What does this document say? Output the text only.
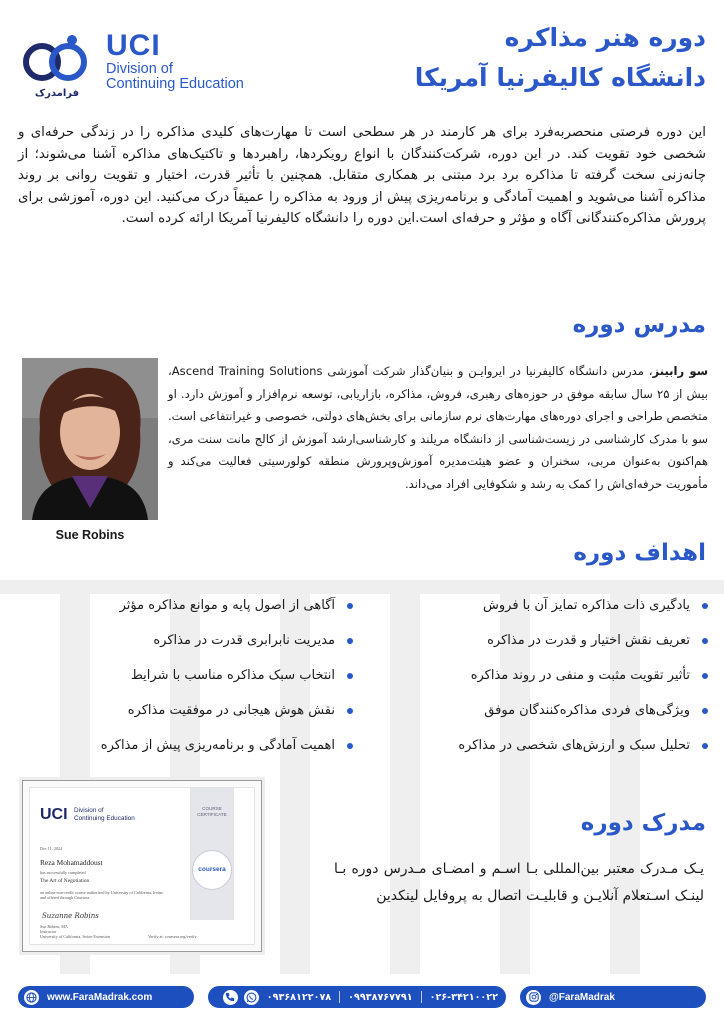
فرامدرک
UCI
Division of
Continuing Education
دوره هنر مذاکره
دانشگاه کالیفرنیا آمریکا

این دوره فرصتی منحصربه‌فرد برای هر کارمند در هر سطحی است تا مهارت‌های کلیدی مذاکره را در زندگی حرفه‌ای و شخصی خود تقویت کند. در این دوره، شرکت‌کنندگان با انواع رویکردها، راهبردها و تاکتیک‌های مذاکره آشنا می‌شوند؛ از چانه‌زنی سخت گرفته تا مذاکره برد برد مبتنی بر همکاری متقابل. همچنین با تأثیر قدرت، اختیار و تقویت روانی بر روند مذاکره آشنا می‌شوید و اهمیت آمادگی و برنامه‌ریزی پیش از ورود به مذاکره را عمیقاً درک می‌کنید. این دوره، آموزشی برای پرورش مذاکره‌کنندگانی آگاه و مؤثر و حرفه‌ای است.این دوره را دانشگاه کالیفرنیا آمریکا ارائه کرده است.

مدرس دوره
Sue Robins

سو رابینز، مدرس دانشگاه کالیفرنیا در ایروایـن و بنیان‌گذار شرکت آموزشی Ascend Training Solutions، بیش از ۲۵ سال سابقه موفق در حوزه‌های رهبری، فروش، مذاکره، بازاریابی، توسعه نرم‌افزار و آموزش دارد. او متخصص طراحی و اجرای دوره‌های مهارت‌های نرم سازمانی برای بخش‌های دولتی، خصوصی و غیرانتفاعی است. سو با مدرک کارشناسی در زیست‌شناسی از دانشگاه مریلند و کارشناسی‌ارشد آموزش از کالج مانت سنت مری، هم‌اکنون به‌عنوان مربی، سخنران و عضو هیئت‌مدیره آموزش‌وپرورش منطقه کولورسیتی فعالیت می‌کند و مأموریت حرفه‌ای‌اش را کمک به رشد و شکوفایی افراد می‌داند.

اهداف دوره
یادگیری ذات مذاکره تمایز آن با فروش
آگاهی از اصول پایه و موانع مذاکره مؤثر
تعریف نقش اختیار و قدرت در مذاکره
مدیریت نابرابری قدرت در مذاکره
تأثیر تقویت مثبت و منفی در روند مذاکره
انتخاب سبک مذاکره مناسب با شرایط
ویژگی‌های فردی مذاکره‌کنندگان موفق
نقش هوش هیجانی در موفقیت مذاکره
تحلیل سبک و ارزش‌های شخصی در مذاکره
اهمیت آمادگی و برنامه‌ریزی پیش از مذاکره
UCI Division of
Continuing Education
COURSE CERTIFICATE
coursera
Dec 11, 2024
Reza Mohamaddoust
has successfully completed
The Art of Negotiation
an online non-credit course authorized by University of California, Irvine and offered through Coursera
Suzanne Robins
Sue Robins, MA
Instructor
University of California, Irvine Extension	Verify at: coursera.org/verify
مدرک دوره

یـک مـدرک معتبر بین‌المللی بـا اسـم و امضـای مـدرس دوره بـا لینـک اسـتعلام آنلایـن و قابلیـت اتصال به پروفایل لینکدین

www.FaraMadrak.com	۰۹۳۶۸۱۲۲۰۷۸ ۰۹۹۳۸۷۶۷۷۹۱ ۰۲۶-۳۴۲۱۰۰۲۲	@FaraMadrak
